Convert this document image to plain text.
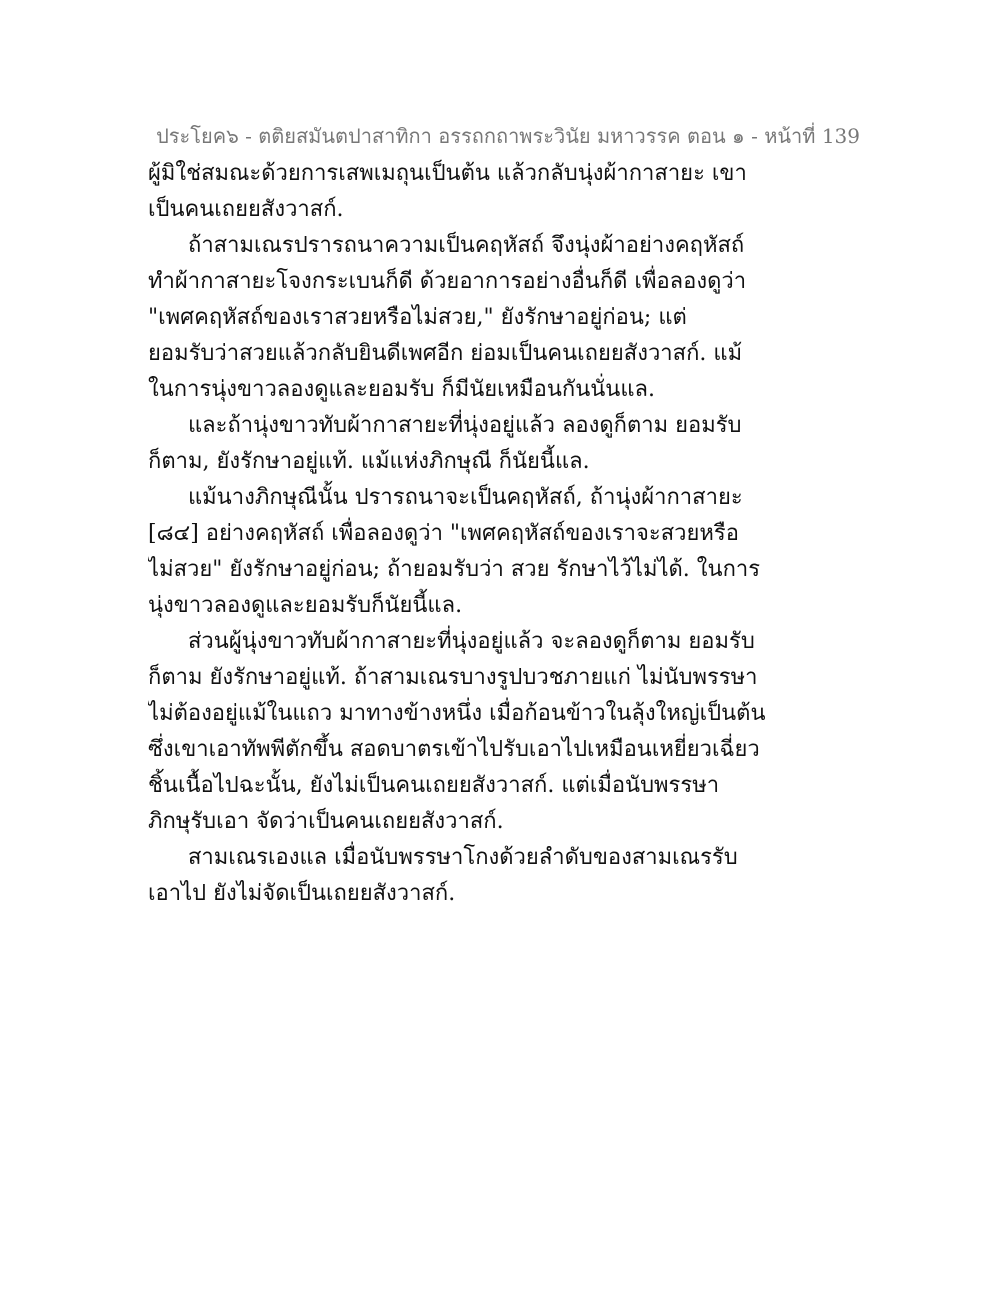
ประโยค๖ - ตติยสมันตปาสาทิกา อรรถกถาพระวินัย มหาวรรค ตอน ๑ - หน้าที่ 139
ผู้มิใช่สมณะด้วยการเสพเมถุนเป็นต้น แล้วกลับนุ่งผ้ากาสายะ เขา
เป็นคนเถยยสังวาสก์.
ถ้าสามเณรปรารถนาความเป็นคฤหัสถ์ จึงนุ่งผ้าอย่างคฤหัสถ์
ทำผ้ากาสายะโจงกระเบนก็ดี ด้วยอาการอย่างอื่นก็ดี เพื่อลองดูว่า
"เพศคฤหัสถ์ของเราสวยหรือไม่สวย," ยังรักษาอยู่ก่อน; แต่
ยอมรับว่าสวยแล้วกลับยินดีเพศอีก ย่อมเป็นคนเถยยสังวาสก์. แม้
ในการนุ่งขาวลองดูและยอมรับ ก็มีนัยเหมือนกันนั่นแล.
และถ้านุ่งขาวทับผ้ากาสายะที่นุ่งอยู่แล้ว ลองดูก็ตาม ยอมรับ
ก็ตาม, ยังรักษาอยู่แท้. แม้แห่งภิกษุณี ก็นัยนี้แล.
แม้นางภิกษุณีนั้น ปรารถนาจะเป็นคฤหัสถ์, ถ้านุ่งผ้ากาสายะ
[๘๔] อย่างคฤหัสถ์ เพื่อลองดูว่า "เพศคฤหัสถ์ของเราจะสวยหรือ
ไม่สวย" ยังรักษาอยู่ก่อน; ถ้ายอมรับว่า สวย รักษาไว้ไม่ได้. ในการ
นุ่งขาวลองดูและยอมรับก็นัยนี้แล.
ส่วนผู้นุ่งขาวทับผ้ากาสายะที่นุ่งอยู่แล้ว จะลองดูก็ตาม ยอมรับ
ก็ตาม ยังรักษาอยู่แท้. ถ้าสามเณรบางรูปบวชภายแก่ ไม่นับพรรษา
ไม่ต้องอยู่แม้ในแถว มาทางข้างหนึ่ง เมื่อก้อนข้าวในลุ้งใหญ่เป็นต้น
ซึ่งเขาเอาทัพพีตักขึ้น สอดบาตรเข้าไปรับเอาไปเหมือนเหยี่ยวเฉี่ยว
ชิ้นเนื้อไปฉะนั้น, ยังไม่เป็นคนเถยยสังวาสก์. แต่เมื่อนับพรรษา
ภิกษุรับเอา จัดว่าเป็นคนเถยยสังวาสก์.
สามเณรเองแล เมื่อนับพรรษาโกงด้วยลำดับของสามเณรรับ
เอาไป ยังไม่จัดเป็นเถยยสังวาสก์.
